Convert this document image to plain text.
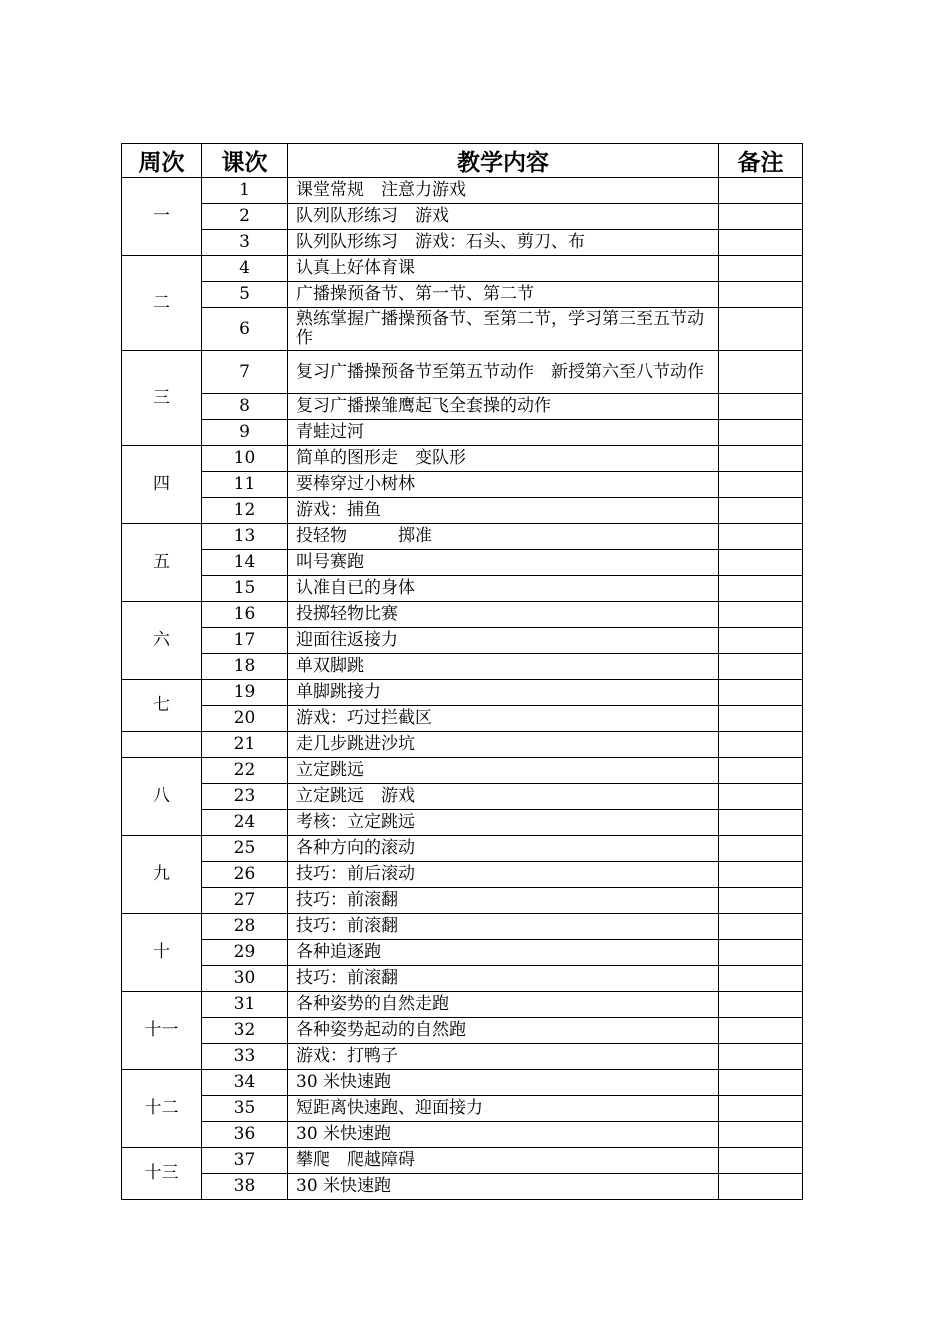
周次	课次	教学内容	备注
一	1	课堂常规　注意力游戏	
	2	队列队形练习　游戏	
	3	队列队形练习　游戏：石头、剪刀、布	
二	4	认真上好体育课	
	5	广播操预备节、第一节、第二节	
	6	熟练掌握广播操预备节、至第二节，学习第三至五节动作	
三	7	复习广播操预备节至第五节动作　新授第六至八节动作	
	8	复习广播操雏鹰起飞全套操的动作	
	9	青蛙过河	
四	10	简单的图形走　变队形	
	11	要棒穿过小树林	
	12	游戏：捕鱼	
五	13	投轻物　　　掷准	
	14	叫号赛跑	
	15	认准自已的身体	
六	16	投掷轻物比赛	
	17	迎面往返接力	
	18	单双脚跳	
七	19	单脚跳接力	
	20	游戏：巧过拦截区	
	21	走几步跳进沙坑	
八	22	立定跳远	
	23	立定跳远　游戏	
	24	考核：立定跳远	
九	25	各种方向的滚动	
	26	技巧：前后滚动	
	27	技巧：前滚翻	
十	28	技巧：前滚翻	
	29	各种追逐跑	
	30	技巧：前滚翻	
十一	31	各种姿势的自然走跑	
	32	各种姿势起动的自然跑	
	33	游戏：打鸭子	
十二	34	30 米快速跑	
	35	短距离快速跑、迎面接力	
	36	30 米快速跑	
十三	37	攀爬　爬越障碍	
	38	30 米快速跑	
